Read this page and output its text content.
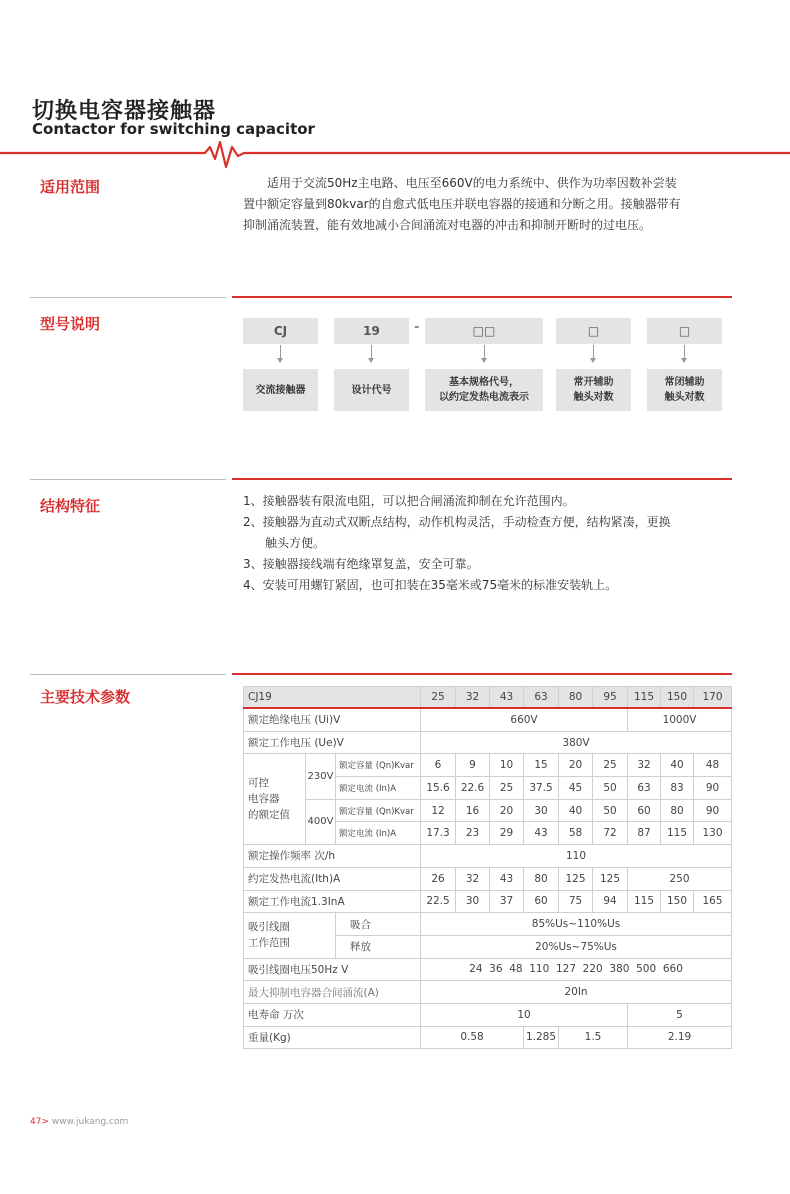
切换电容器接触器
Contactor for switching capacitor
适用范围	适用于交流50Hz主电路、电压至660V的电力系统中、供作为功率因数补尝装
置中额定容量到80kvar的自愈式低电压并联电容器的接通和分断之用。接触器带有
抑制涌流装置，能有效地减小合间涌流对电器的冲击和抑制开断时的过电压。
型号说明	CJ	19	-	□□	□	□
交流接触器	设计代号
基本规格代号，
以约定发热电流表示
常开辅助
触头对数
常闭辅助
触头对数
结构特征	1、接触器装有限流电阻，可以把合闸涌流抑制在允许范围内。
2、接触器为直动式双断点结构，动作机构灵活，手动检查方便，结构紧凑，更换
触头方便。
3、接触器接线端有绝缘罩复盖，安全可靠。
4、安装可用螺钉紧固，也可扣装在35毫米或75毫米的标准安装轨上。
主要技术参数	CJ19			25	32	43	63	80	95	115	150	170
额定绝缘电压 (Ui)V			660V						1000V		
额定工作电压 (Ue)V			380V								

可控
电容器
的额定值	230V	额定容量 (Qn)Kvar	6	9	10	15	20	25	32	40	48
		额定电流 (In)A	15.6	22.6	25	37.5	45	50	63	83	90
	400V	额定容量 (Qn)Kvar	12	16	20	30	40	50	60	80	90
		额定电流 (In)A	17.3	23	29	43	58	72	87	115	130
额定操作频率 次/h			110								
约定发热电流(Ith)A			26	32	43	80	125	125	250		
额定工作电流1.3InA			22.5	30	37	60	75	94	115	150	165

吸引线圈
工作范围		吸合	85%Us~110%Us								
		释放	20%Us~75%Us								
吸引线圈电压50Hz V			24  36  48  110  127  220  380  500  660								
最大抑制电容器合间涌流(A)			20In								
电寿命 万次			10						5		
重量(Kg)			0.58			1.285	1.5		2.19		
47> www.jukang.com
